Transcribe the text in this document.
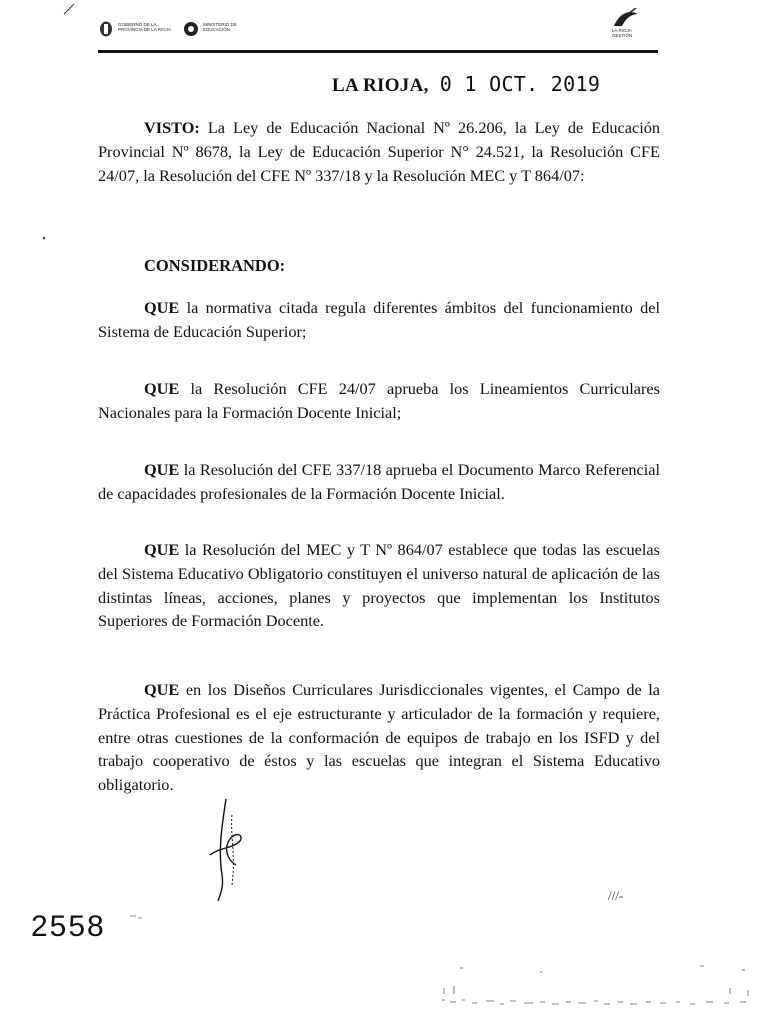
GOBIERNO DE LA PROVINCIA DE LA RIOJA
MINISTERIO DE EDUCACIÓN	LA RIOJA GESTIÓN
LA RIOJA, 0 1 OCT. 2019

VISTO: La Ley de Educación Nacional Nº 26.206, la Ley de Educación Provincial Nº 8678, la Ley de Educación Superior N° 24.521, la Resolución CFE 24/07, la Resolución del CFE Nº 337/18 y la Resolución MEC y T 864/07:

CONSIDERANDO:

QUE la normativa citada regula diferentes ámbitos del funcionamiento del Sistema de Educación Superior;

QUE la Resolución CFE 24/07 aprueba los Lineamientos Curriculares Nacionales para la Formación Docente Inicial;

QUE la Resolución del CFE 337/18 aprueba el Documento Marco Referencial de capacidades profesionales de la Formación Docente Inicial.

QUE la Resolución del MEC y T Nº 864/07 establece que todas las escuelas del Sistema Educativo Obligatorio constituyen el universo natural de aplicación de las distintas líneas, acciones, planes y proyectos que implementan los Institutos Superiores de Formación Docente.

QUE en los Diseños Curriculares Jurisdiccionales vigentes, el Campo de la Práctica Profesional es el eje estructurante y articulador de la formación y requiere, entre otras cuestiones de la conformación de equipos de trabajo en los ISFD y del trabajo cooperativo de éstos y las escuelas que integran el Sistema Educativo obligatorio.

///-
2558
